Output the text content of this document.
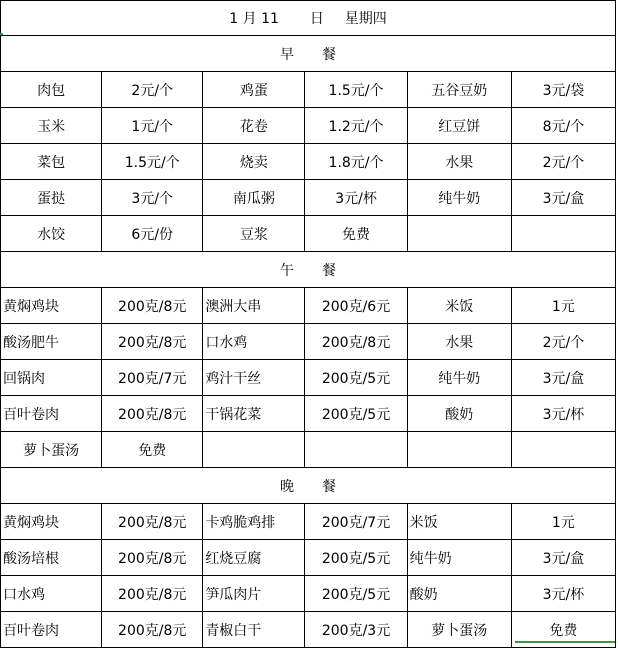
1 月 11 日 星期四					
早 餐					
肉包	2元/个	鸡蛋	1.5元/个	五谷豆奶	3元/袋
玉米	1元/个	花卷	1.2元/个	红豆饼	8元/个
菜包	1.5元/个	烧卖	1.8元/个	水果	2元/个
蛋挞	3元/个	南瓜粥	3元/杯	纯牛奶	3元/盒
水饺	6元/份	豆浆	免费		
午 餐					
黄焖鸡块	200克/8元	澳洲大串	200克/6元	米饭	1元
酸汤肥牛	200克/8元	口水鸡	200克/8元	水果	2元/个
回锅肉	200克/7元	鸡汁干丝	200克/5元	纯牛奶	3元/盒
百叶卷肉	200克/8元	干锅花菜	200克/5元	酸奶	3元/杯
萝卜蛋汤	免费				
晚 餐					
黄焖鸡块	200克/8元	卡鸡脆鸡排	200克/7元	米饭	1元
酸汤培根	200克/8元	红烧豆腐	200克/5元	纯牛奶	3元/盒
口水鸡	200克/8元	笋瓜肉片	200克/5元	酸奶	3元/杯
百叶卷肉	200克/8元	青椒白干	200克/3元	萝卜蛋汤	免费
